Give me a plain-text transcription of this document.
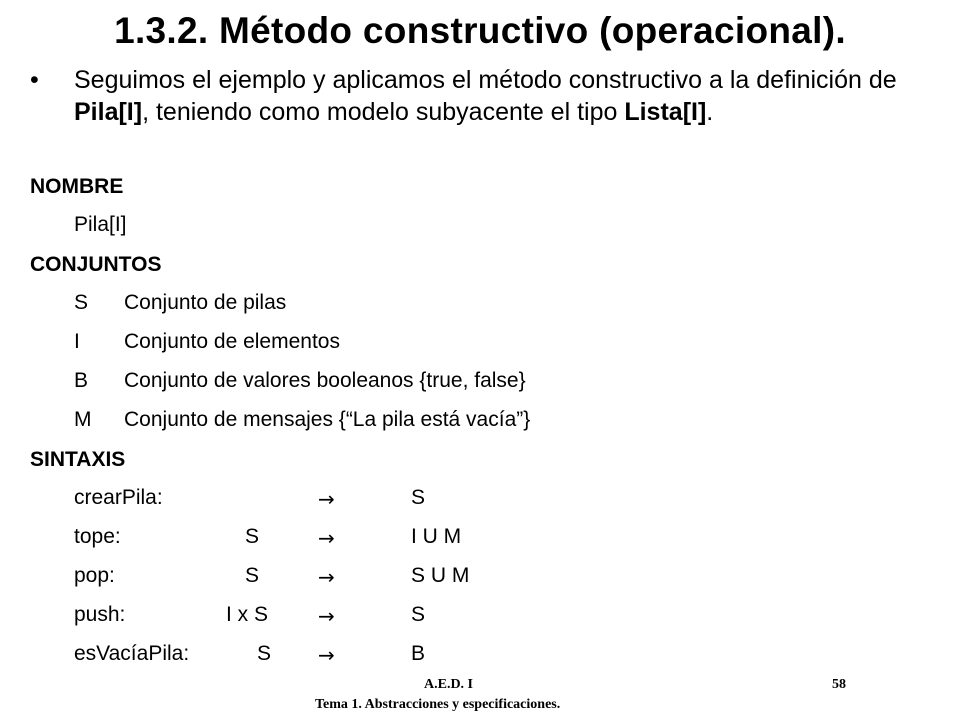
1.3.2. Método constructivo (operacional).
• Seguimos el ejemplo y aplicamos el método constructivo a la definición de Pila[I], teniendo como modelo subyacente el tipo Lista[I].
NOMBRE
Pila[I]
CONJUNTOS
S Conjunto de pilas
I Conjunto de elementos
B Conjunto de valores booleanos {true, false}
M Conjunto de mensajes {“La pila está vacía”}
SINTAXIS
crearPila:	→	S
tope:	S	→	I U M
pop:	S	→	S U M
push:	I x S →	S
esVacíaPila:	S →	B
A.E.D. I	58
Tema 1. Abstracciones y especificaciones.
